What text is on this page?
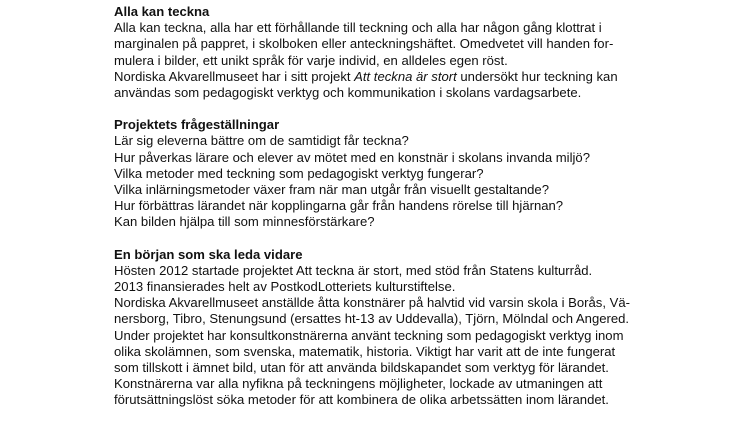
Alla kan teckna

Alla kan teckna, alla har ett förhållande till teckning och alla har någon gång klottrat i

marginalen på pappret, i skolboken eller anteckningshäftet. Omedvetet vill handen for-

mulera i bilder, ett unikt språk för varje individ, en alldeles egen röst.

Nordiska Akvarellmuseet har i sitt projekt Att teckna är stort undersökt hur teckning kan

användas som pedagogiskt verktyg och kommunikation i skolans vardagsarbete.

Projektets frågeställningar

Lär sig eleverna bättre om de samtidigt får teckna?

Hur påverkas lärare och elever av mötet med en konstnär i skolans invanda miljö?

Vilka metoder med teckning som pedagogiskt verktyg fungerar?

Vilka inlärningsmetoder växer fram när man utgår från visuellt gestaltande?

Hur förbättras lärandet när kopplingarna går från handens rörelse till hjärnan?

Kan bilden hjälpa till som minnesförstärkare?

En början som ska leda vidare

Hösten 2012 startade projektet Att teckna är stort, med stöd från Statens kulturråd.

2013 finansierades helt av PostkodLotteriets kulturstiftelse.

Nordiska Akvarellmuseet anställde åtta konstnärer på halvtid vid varsin skola i Borås, Vä-

nersborg, Tibro, Stenungsund (ersattes ht-13 av Uddevalla), Tjörn, Mölndal och Angered.

Under projektet har konsultkonstnärerna använt teckning som pedagogiskt verktyg inom

olika skolämnen, som svenska, matematik, historia. Viktigt har varit att de inte fungerat

som tillskott i ämnet bild, utan för att använda bildskapandet som verktyg för lärandet.

Konstnärerna var alla nyfikna på teckningens möjligheter, lockade av utmaningen att

förutsättningslöst söka metoder för att kombinera de olika arbetssätten inom lärandet.
